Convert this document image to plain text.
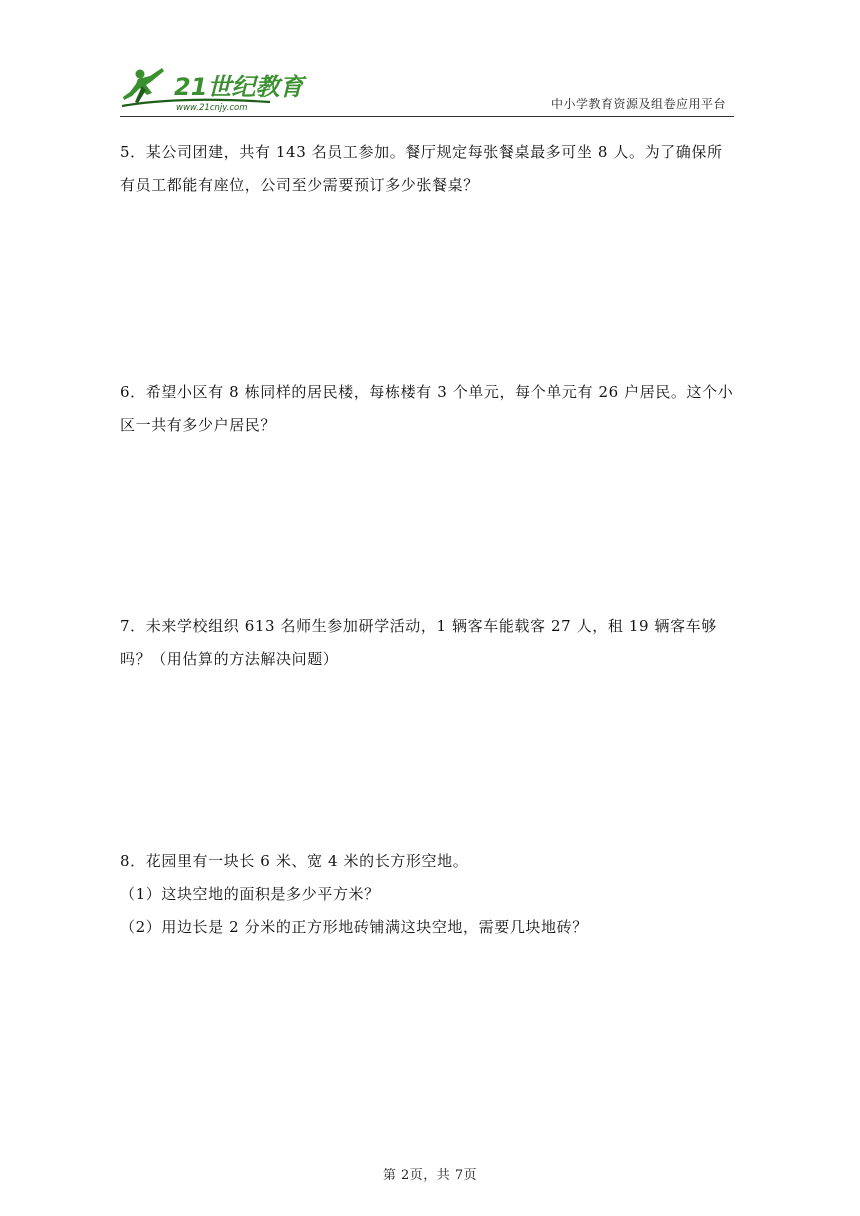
21世纪教育
www.21cnjy.com	中小学教育资源及组卷应用平台

5．某公司团建，共有 143 名员工参加。餐厅规定每张餐桌最多可坐 8 人。为了确保所有员工都能有座位，公司至少需要预订多少张餐桌？

6．希望小区有 8 栋同样的居民楼，每栋楼有 3 个单元，每个单元有 26 户居民。这个小区一共有多少户居民？

7．未来学校组织 613 名师生参加研学活动，1 辆客车能载客 27 人，租 19 辆客车够吗？（用估算的方法解决问题）

8．花园里有一块长 6 米、宽 4 米的长方形空地。

（1）这块空地的面积是多少平方米？

（2）用边长是 2 分米的正方形地砖铺满这块空地，需要几块地砖？

第 2页，共 7页
